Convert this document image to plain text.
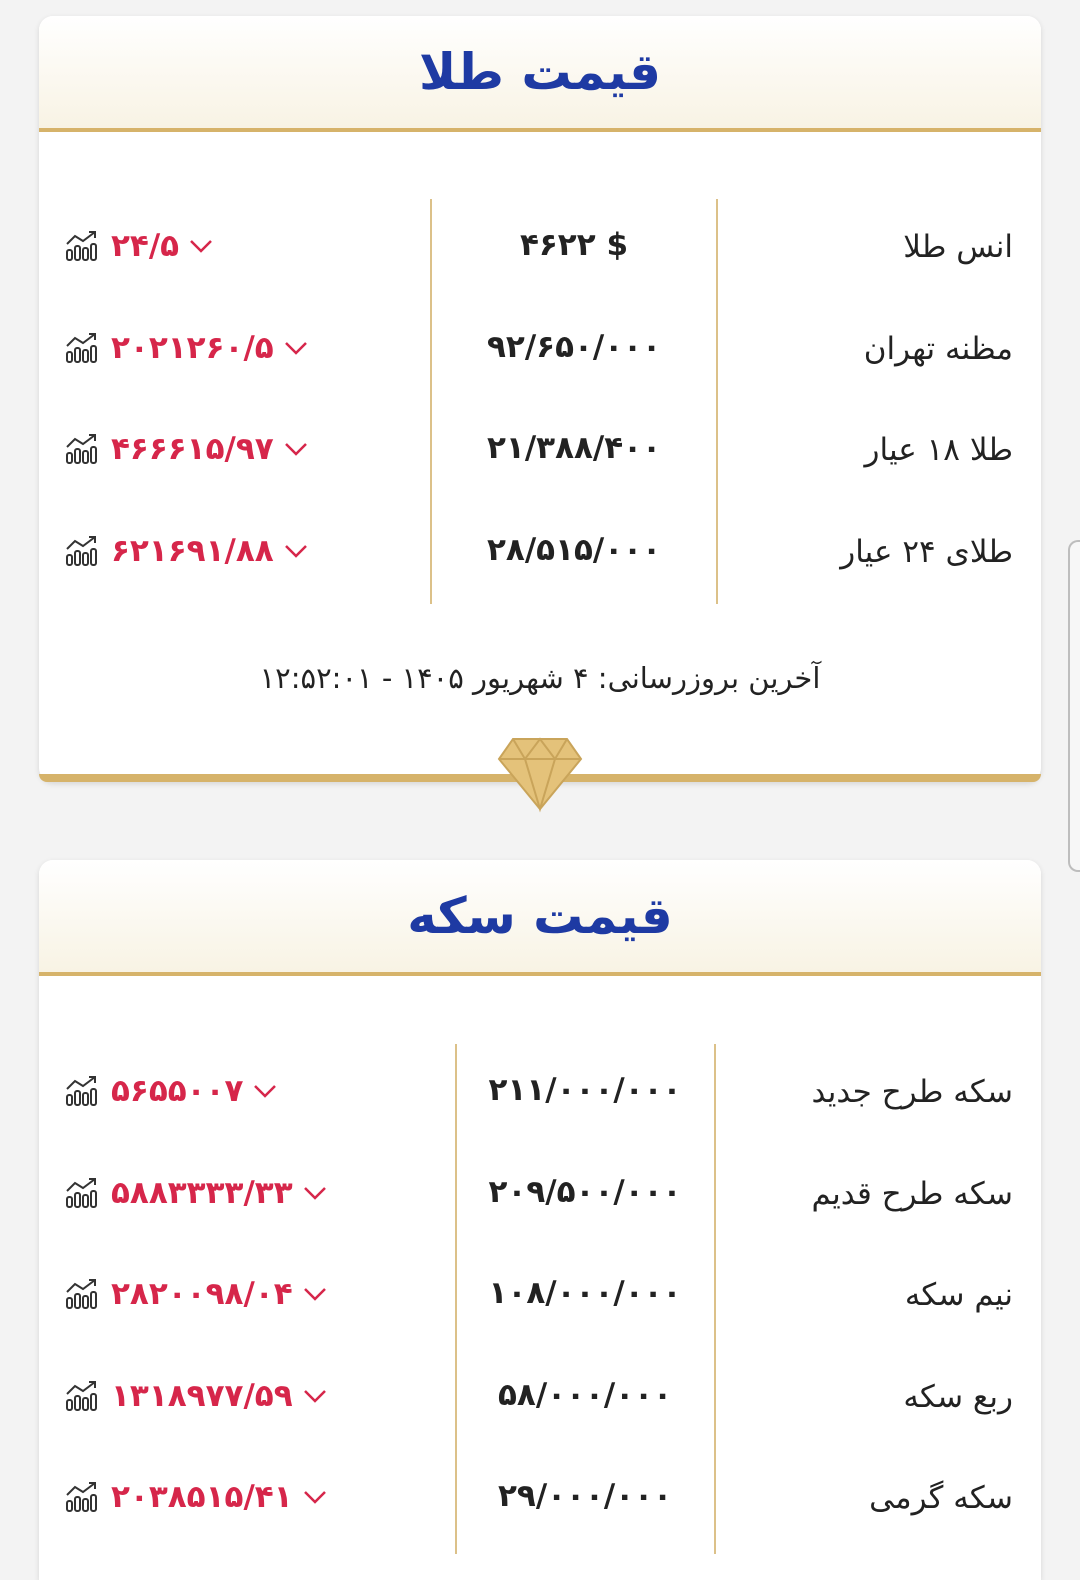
قیمت طلا
انس طلا
$ ۴۶۲۲
۲۴/۵
مظنه تهران
۹۲/۶۵۰/۰۰۰
۲۰۲۱۲۶۰/۵
طلا ۱۸ عیار
۲۱/۳۸۸/۴۰۰
۴۶۶۶۱۵/۹۷
طلای ۲۴ عیار
۲۸/۵۱۵/۰۰۰
۶۲۱۶۹۱/۸۸
آخرین بروزرسانی: ۴ شهریور ۱۴۰۵ - ۱۲:۵۲:۰۱
قیمت سکه
سکه طرح جدید
۲۱۱/۰۰۰/۰۰۰
۵۶۵۵۰۰۷
سکه طرح قدیم
۲۰۹/۵۰۰/۰۰۰
۵۸۸۳۳۳۳/۳۳
نیم سکه
۱۰۸/۰۰۰/۰۰۰
۲۸۲۰۰۹۸/۰۴
ربع سکه
۵۸/۰۰۰/۰۰۰
۱۳۱۸۹۷۷/۵۹
سکه گرمی
۲۹/۰۰۰/۰۰۰
۲۰۳۸۵۱۵/۴۱
